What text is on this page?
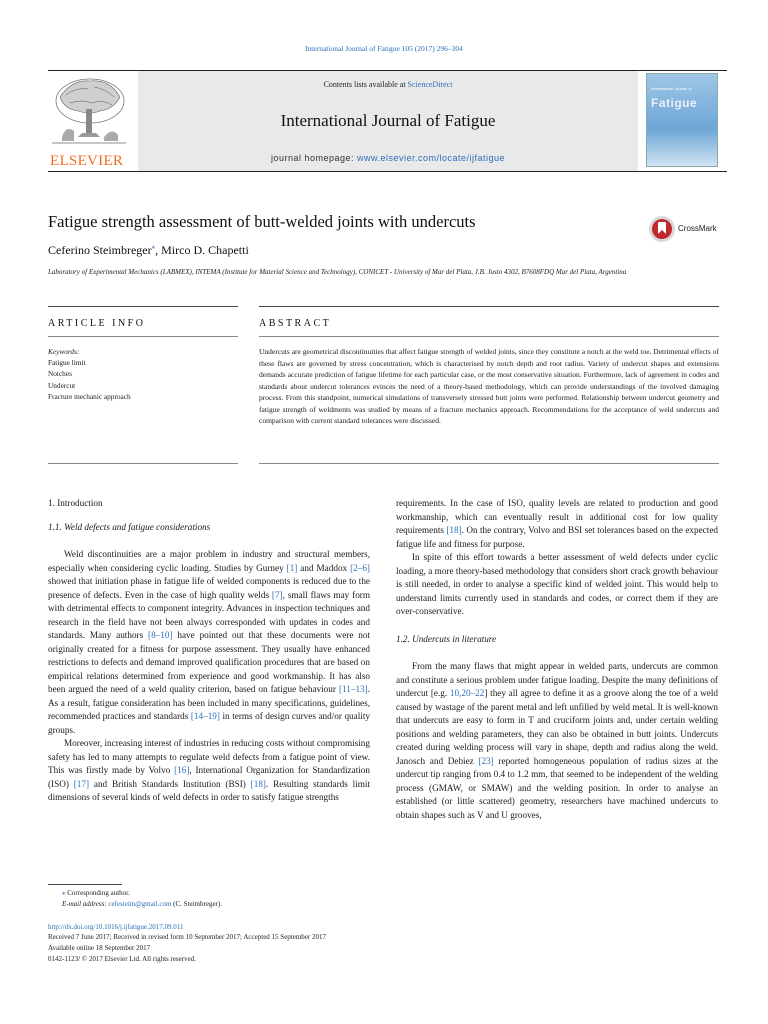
International Journal of Fatigue 105 (2017) 296–304
ELSEVIER
Contents lists available at ScienceDirect
International Journal of Fatigue
journal homepage: www.elsevier.com/locate/ijfatigue
International Journal of
Fatigue
Fatigue strength assessment of butt-welded joints with undercuts	CrossMark
Ceferino Steimbreger⁎, Mirco D. Chapetti
Laboratory of Experimental Mechanics (LABMEX), INTEMA (Institute for Material Science and Technology), CONICET - University of Mar del Plata, J.B. Justo 4302, B7608FDQ Mar del Plata, Argentina
ARTICLE INFO	ABSTRACT
Keywords:
Fatigue limit
Notches
Undercut
Fracture mechanic approach
Undercuts are geometrical discontinuities that affect fatigue strength of welded joints, since they constitute a notch at the weld toe. Detrimental effects of these flaws are governed by stress concentration, which is characterised by notch depth and root radius. Variety of undercut shapes and extensions demands accurate prediction of fatigue lifetime for each particular case, or the most conservative situation. Furthermore, lack of agreement in codes and standards about undercut tolerances evinces the need of a theory-based methodology, which can provide understandings of the involved damaging process. From this standpoint, numerical simulations of transversely stressed butt joints were performed. Relationship between undercut geometry and fatigue strength of weldments was studied by means of a fracture mechanics approach. Recommendations for the acceptance of weld undercuts and comparison with current standard tolerances were discussed.
1. Introduction
1.1. Weld defects and fatigue considerations

Weld discontinuities are a major problem in industry and structural members, especially when considering cyclic loading. Studies by Gurney [1] and Maddox [2–6] showed that initiation phase in fatigue life of welded components is reduced due to the presence of defects. Even in the case of high quality welds [7], small flaws may form with detrimental effects to component integrity. Advances in inspection techniques and research in the field have not been always corresponded with updates in codes and standards. Many authors [8–10] have pointed out that these documents were not originally created for a fitness for purpose assessment. They usually have enhanced restrictions to defects and demand improved qualification procedures that are based on empirical relations determined from experience and good workmanship. It has also been argued the need of a weld quality criterion, based on fatigue behaviour [11–13]. As a result, fatigue consideration has been included in many specifications, guidelines, recommended practices and standards [14–19] in terms of design curves and/or quality groups.

Moreover, increasing interest of industries in reducing costs without compromising safety has led to many attempts to regulate weld defects from a fatigue point of view. This was firstly made by Volvo [16], International Organization for Standardization (ISO) [17] and British Standards Institution (BSI) [18]. Resulting standards limit dimensions of several kinds of weld defects in order to satisfy fatigue strengths

requirements. In the case of ISO, quality levels are related to production and good workmanship, which can eventually result in additional cost for low quality requirements [18]. On the contrary, Volvo and BSI set tolerances based on the expected fatigue life and fitness for purpose.

In spite of this effort towards a better assessment of weld defects under cyclic loading, a more theory-based methodology that considers short crack growth behaviour is still needed, in order to analyse a specific kind of welded joint. This would help to understand limits currently used in standards and codes, or correct them if they are over-conservative.

1.2. Undercuts in literature

From the many flaws that might appear in welded parts, undercuts are common and constitute a serious problem under fatigue loading. Despite the many definitions of undercut [e.g. 10,20–22] they all agree to define it as a groove along the toe of a weld caused by wastage of the parent metal and left unfilled by weld metal. It is well-known that undercuts are easy to form in T and cruciform joints and, under certain welding positions and welding parameters, they can also be obtained in butt joints. Undercuts created during welding process will vary in shape, depth and radius along the weld. Janosch and Debiez [23] reported homogeneous population of radius sizes at the undercut tip ranging from 0.4 to 1.2 mm, that seemed to be independent of the welding process (GMAW, or SMAW) and the welding position. In order to analyse an established (or little scattered) geometry, researchers have machined undercuts to obtain shapes such as V and U grooves,

⁎ Corresponding author.
E-mail address: cefesteim@gmail.com (C. Steimbreger).
http://dx.doi.org/10.1016/j.ijfatigue.2017.09.011
Received 7 June 2017; Received in revised form 10 September 2017; Accepted 15 September 2017
Available online 18 September 2017
0142-1123/ © 2017 Elsevier Ltd. All rights reserved.
